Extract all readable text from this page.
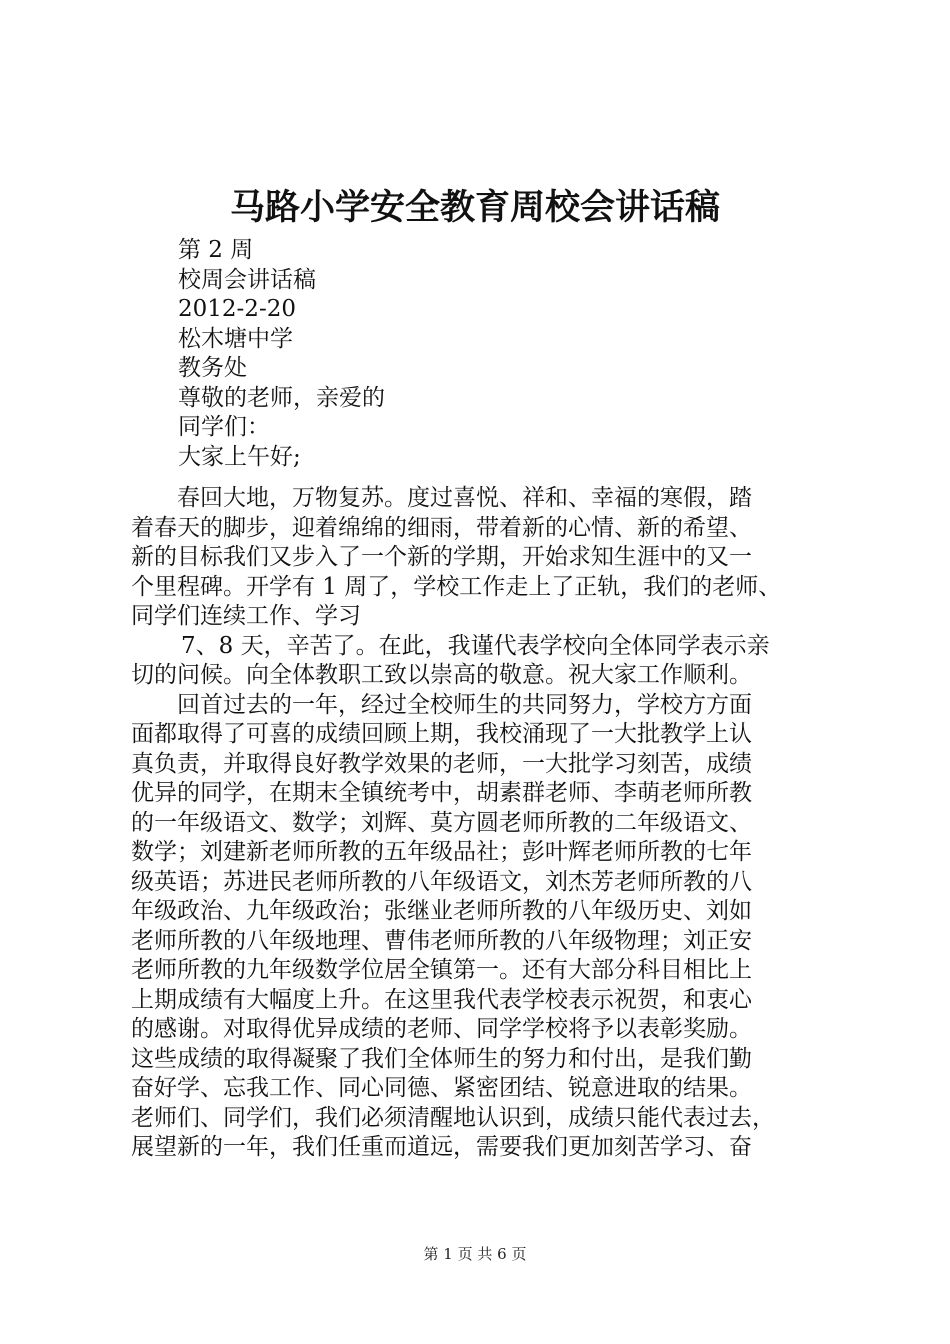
马路小学安全教育周校会讲话稿
第 2 周
校周会讲话稿
2012-2-20
松木塘中学
教务处
尊敬的老师，亲爱的
同学们：
大家上午好;
春回大地，万物复苏。度过喜悦、祥和、幸福的寒假，踏
着春天的脚步，迎着绵绵的细雨，带着新的心情、新的希望、
新的目标我们又步入了一个新的学期，开始求知生涯中的又一
个里程碑。开学有 1 周了，学校工作走上了正轨，我们的老师、
同学们连续工作、学习
7、8 天，辛苦了。在此，我谨代表学校向全体同学表示亲
切的问候。向全体教职工致以崇高的敬意。祝大家工作顺利。
回首过去的一年，经过全校师生的共同努力，学校方方面
面都取得了可喜的成绩回顾上期，我校涌现了一大批教学上认
真负责，并取得良好教学效果的老师，一大批学习刻苦，成绩
优异的同学，在期末全镇统考中，胡素群老师、李萌老师所教
的一年级语文、数学；刘辉、莫方圆老师所教的二年级语文、
数学；刘建新老师所教的五年级品社；彭叶辉老师所教的七年
级英语；苏进民老师所教的八年级语文，刘杰芳老师所教的八
年级政治、九年级政治；张继业老师所教的八年级历史、刘如
老师所教的八年级地理、曹伟老师所教的八年级物理；刘正安
老师所教的九年级数学位居全镇第一。还有大部分科目相比上
上期成绩有大幅度上升。在这里我代表学校表示祝贺，和衷心
的感谢。对取得优异成绩的老师、同学学校将予以表彰奖励。
这些成绩的取得凝聚了我们全体师生的努力和付出，是我们勤
奋好学、忘我工作、同心同德、紧密团结、锐意进取的结果。
老师们、同学们，我们必须清醒地认识到，成绩只能代表过去，
展望新的一年，我们任重而道远，需要我们更加刻苦学习、奋
第 1 页 共 6 页
